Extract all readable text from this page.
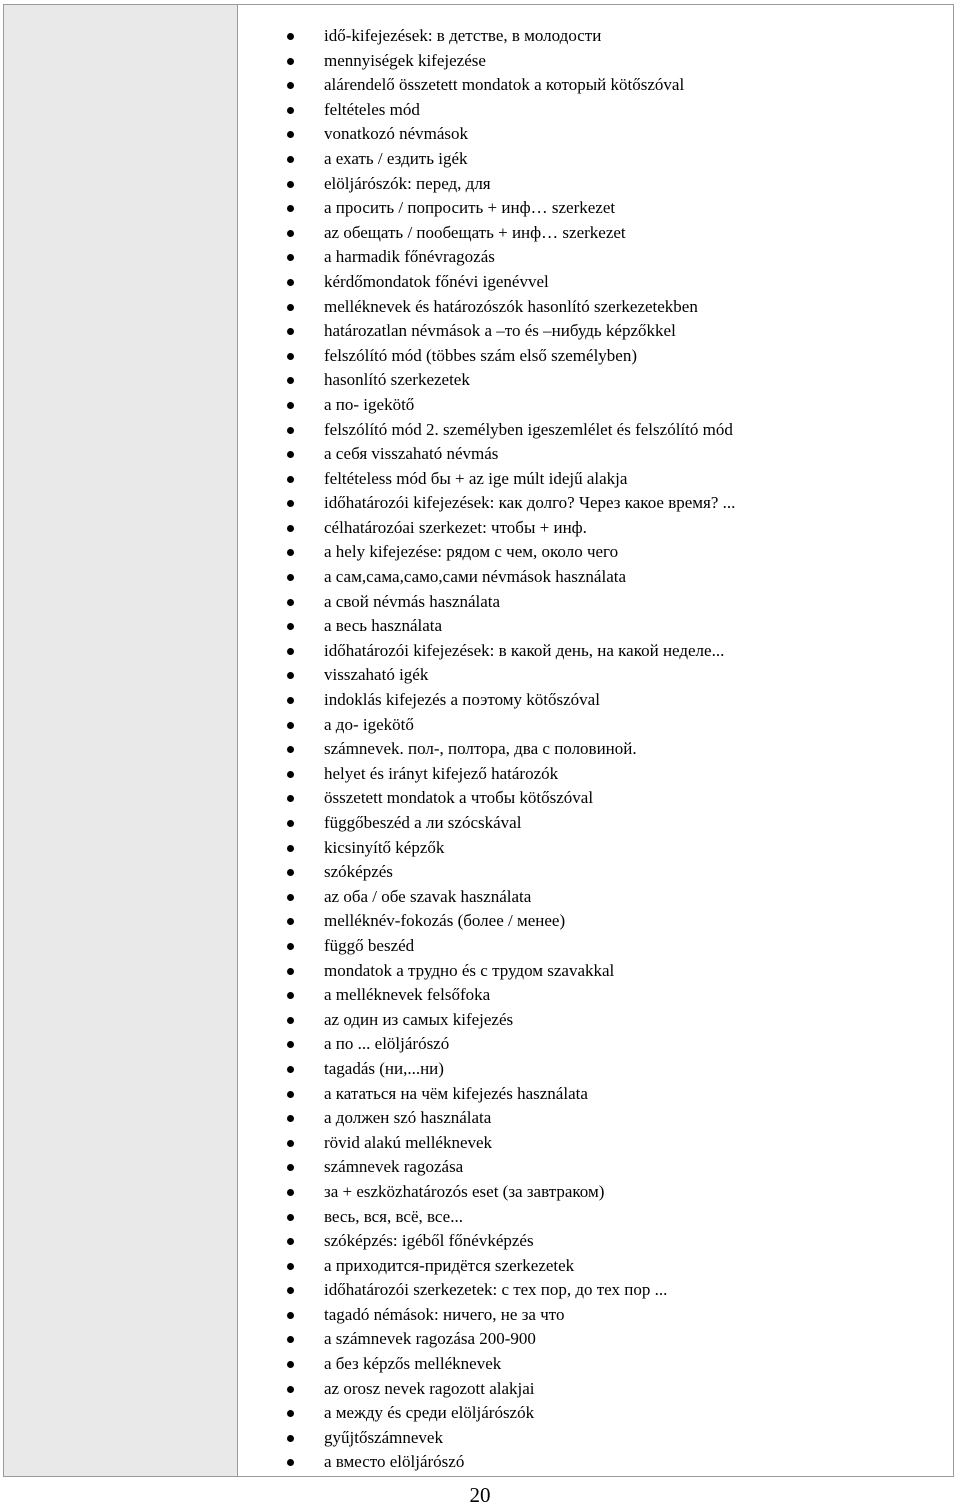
idő-kifejezések: в детстве, в молодости
mennyiségek kifejezése
alárendelő összetett mondatok a который kötőszóval
feltételes mód
vonatkozó névmások
a ехать / ездить igék
elöljárószók: перед, для
a просить / попросить + инф… szerkezet
az обещать / пообещать + инф… szerkezet
a harmadik főnévragozás
kérdőmondatok főnévi igenévvel
melléknevek és határozószók hasonlító szerkezetekben
határozatlan névmások a –то és –нибудь képzőkkel
felszólító mód (többes szám első személyben)
hasonlító szerkezetek
a по- igekötő
felszólító mód 2. személyben igeszemlélet és felszólító mód
a себя visszaható névmás
feltételess mód бы + az ige múlt idejű alakja
időhatározói kifejezések: как долго? Через какое время? ...
célhatározóai szerkezet: чтобы + инф.
a hely kifejezése: рядом с чем, около чего
a сам,сама,само,сами névmások használata
a свой névmás használata
a весь használata
időhatározói kifejezések: в какой день, на какой неделе...
visszaható igék
indoklás kifejezés a поэтому kötőszóval
a до- igekötő
számnevek. пол-, полтора, два с половиной.
helyet és irányt kifejező határozók
összetett mondatok a чтобы kötőszóval
függőbeszéd a ли szócskával
kicsinyítő képzők
szóképzés
az оба / обе szavak használata
melléknév-fokozás (более / менее)
függő beszéd
mondatok a трудно és с трудом szavakkal
a melléknevek felsőfoka
az один из самых kifejezés
a по ... elöljárószó
tagadás (ни,...ни)
a кататься на чём kifejezés használata
a должен szó használata
rövid alakú melléknevek
számnevek ragozása
за + eszközhatározós eset (за завтраком)
весь, вся, всё, все...
szóképzés: igéből főnévképzés
a приходится-придётся szerkezetek
időhatározói szerkezetek: с тех пор, до тех пор ...
tagadó némások: ничего, не за что
a számnevek ragozása 200-900
a без képzős melléknevek
az orosz nevek ragozott alakjai
a между és среди elöljárószók
gyűjtőszámnevek
a вместо elöljárószó
20
